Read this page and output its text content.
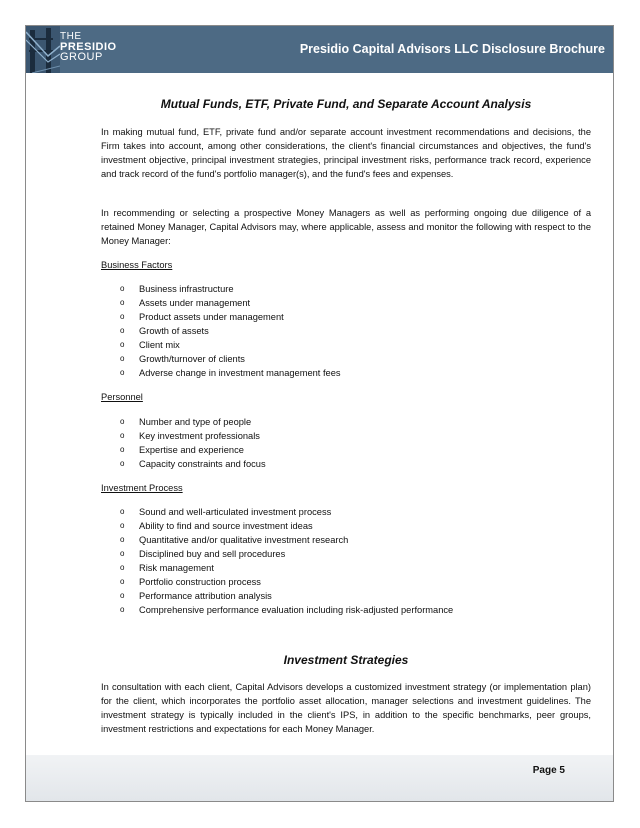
THE
PRESIDIO
GROUP
Presidio Capital Advisors LLC Disclosure Brochure
Mutual Funds, ETF, Private Fund, and Separate Account Analysis

In making mutual fund, ETF, private fund and/or separate account investment recommendations and decisions, the Firm takes into account, among other considerations, the client's financial circumstances and objectives, the fund's investment objective, principal investment strategies, principal investment risks, performance track record, experience and track record of the fund's portfolio manager(s), and the fund's fees and expenses.

In recommending or selecting a prospective Money Managers as well as performing ongoing due diligence of a retained Money Manager, Capital Advisors may, where applicable, assess and monitor the following with respect to the Money Manager:

Business Factors
o Business infrastructure
o Assets under management
o Product assets under management
o Growth of assets
o Client mix
o Growth/turnover of clients
o Adverse change in investment management fees
Personnel
o Number and type of people
o Key investment professionals
o Expertise and experience
o Capacity constraints and focus
Investment Process
o Sound and well-articulated investment process
o Ability to find and source investment ideas
o Quantitative and/or qualitative investment research
o Disciplined buy and sell procedures
o Risk management
o Portfolio construction process
o Performance attribution analysis
o Comprehensive performance evaluation including risk-adjusted performance
Investment Strategies

In consultation with each client, Capital Advisors develops a customized investment strategy (or implementation plan) for the client, which incorporates the portfolio asset allocation, manager selections and investment guidelines. The investment strategy is typically included in the client's IPS, in addition to the specific benchmarks, peer groups, investment restrictions and expectations for each Money Manager.

Page 5
